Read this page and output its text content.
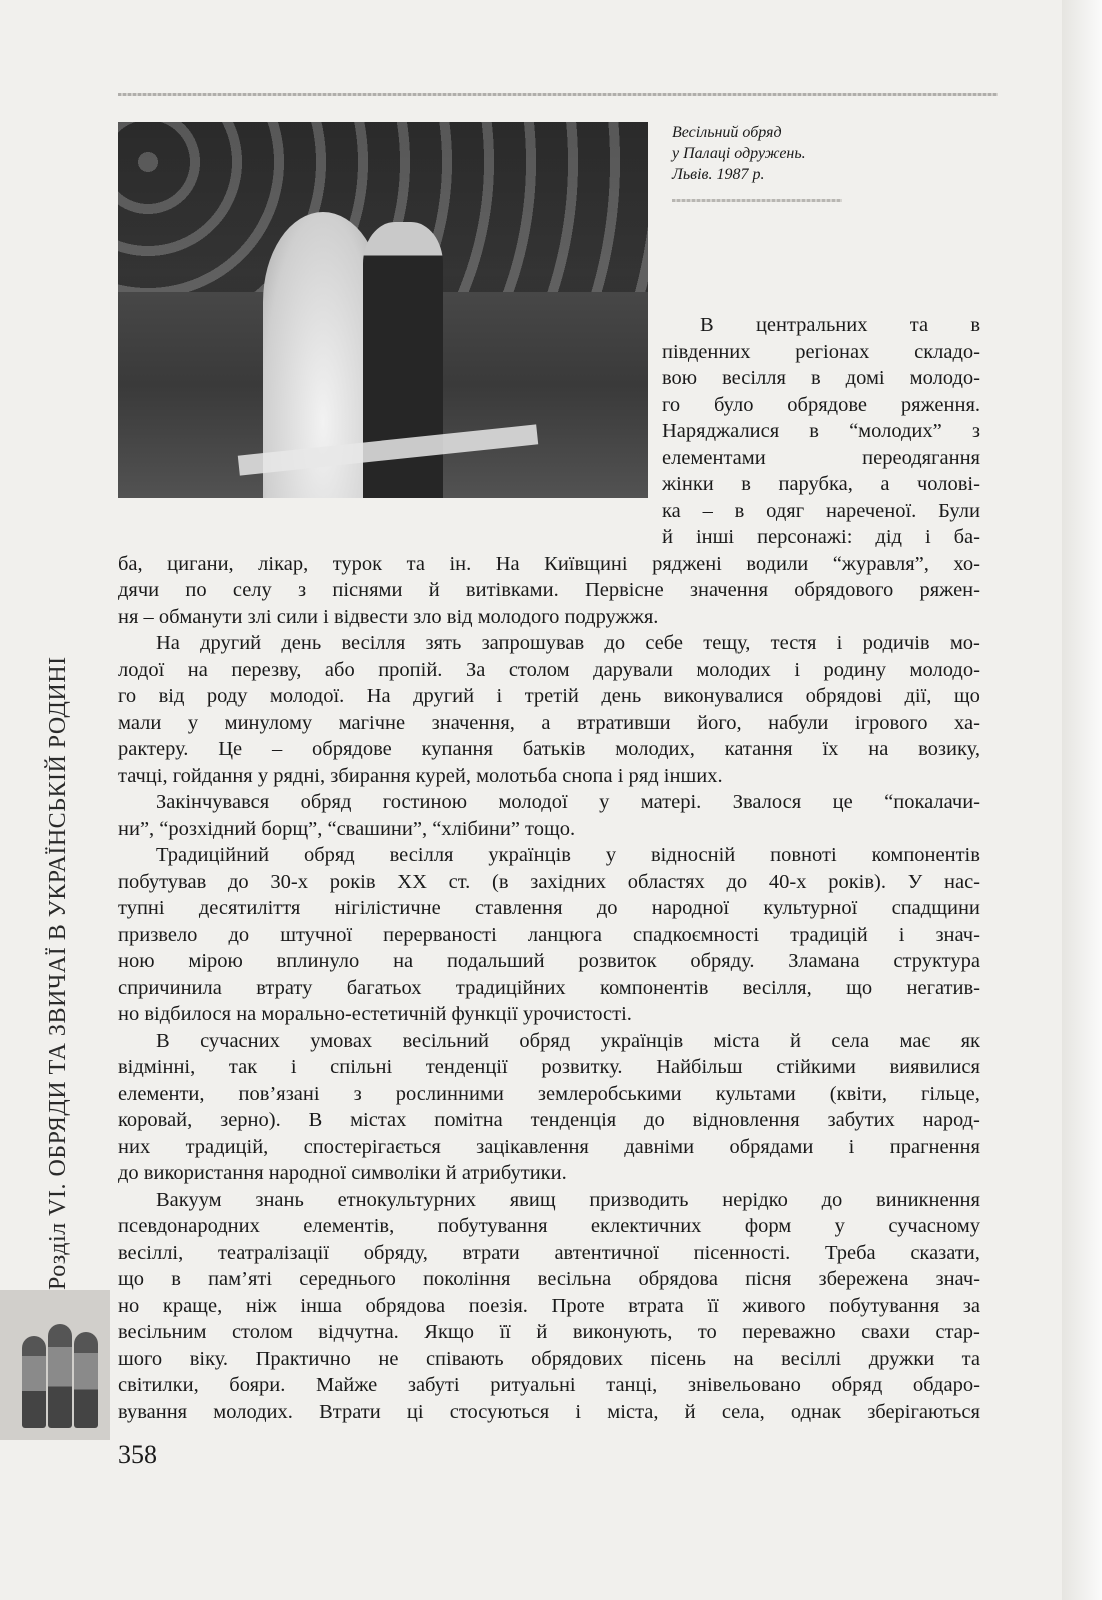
Весільний обряд
у Палаці одружень.
Львів. 1987 р.
Розділ VI. ОБРЯДИ ТА ЗВИЧАЇ В УКРАЇНСЬКІЙ РОДИНІ
358
В центральних та в
південних регіонах складо-
вою весілля в домі молодо-
го було обрядове ряження.
Наряджалися в “молодих” з
елементами	переодягання
жінки в парубка, а чолові-
ка – в одяг нареченої. Були
й інші персонажі: дід і ба-
ба, цигани, лікар, турок та ін. На Київщині ряджені водили “журавля”, хо-
дячи по селу з піснями й витівками. Первісне значення обрядового ряжен-
ня – обманути злі сили і відвести зло від молодого подружжя.
На другий день весілля зять запрошував до себе тещу, тестя і родичів мо-
лодої на перезву, або пропій. За столом дарували молодих і родину молодо-
го від роду молодої. На другий і третій день виконувалися обрядові дії, що
мали у минулому магічне значення, а втративши його, набули ігрового ха-
рактеру. Це – обрядове купання батьків молодих, катання їх на возику,
тачці, гойдання у рядні, збирання курей, молотьба снопа і ряд інших.
Закінчувався обряд гостиною молодої у матері. Звалося це “покалачи-
ни”, “розхідний борщ”, “свашини”, “хлібини” тощо.
Традиційний обряд весілля українців у відносній повноті компонентів
побутував до 30-х років XX ст. (в західних областях до 40-х років). У нас-
тупні десятиліття нігілістичне ставлення до народної культурної спадщини
призвело до штучної перерваності ланцюга спадкоємності традицій і знач-
ною мірою вплинуло на подальший розвиток обряду. Зламана структура
спричинила втрату багатьох традиційних компонентів весілля, що негатив-
но відбилося на морально-естетичній функції урочистості.
В сучасних умовах весільний обряд українців міста й села має як
відмінні, так і спільні тенденції розвитку. Найбільш стійкими виявилися
елементи, пов’язані з рослинними землеробськими культами (квіти, гільце,
коровай, зерно). В містах помітна тенденція до відновлення забутих народ-
них традицій, спостерігається зацікавлення давніми обрядами і прагнення
до використання народної символіки й атрибутики.
Вакуум знань етнокультурних явищ призводить нерідко до виникнення
псевдонародних елементів, побутування еклектичних форм у сучасному
весіллі, театралізації обряду, втрати автентичної пісенності. Треба сказати,
що в пам’яті середнього покоління весільна обрядова пісня збережена знач-
но краще, ніж інша обрядова поезія. Проте втрата її живого побутування за
весільним столом відчутна. Якщо її й виконують, то переважно свахи стар-
шого віку. Практично не співають обрядових пісень на весіллі дружки та
світилки, бояри. Майже забуті ритуальні танці, знівельовано обряд обдаро-
вування молодих. Втрати ці стосуються і міста, й села, однак зберігаються
